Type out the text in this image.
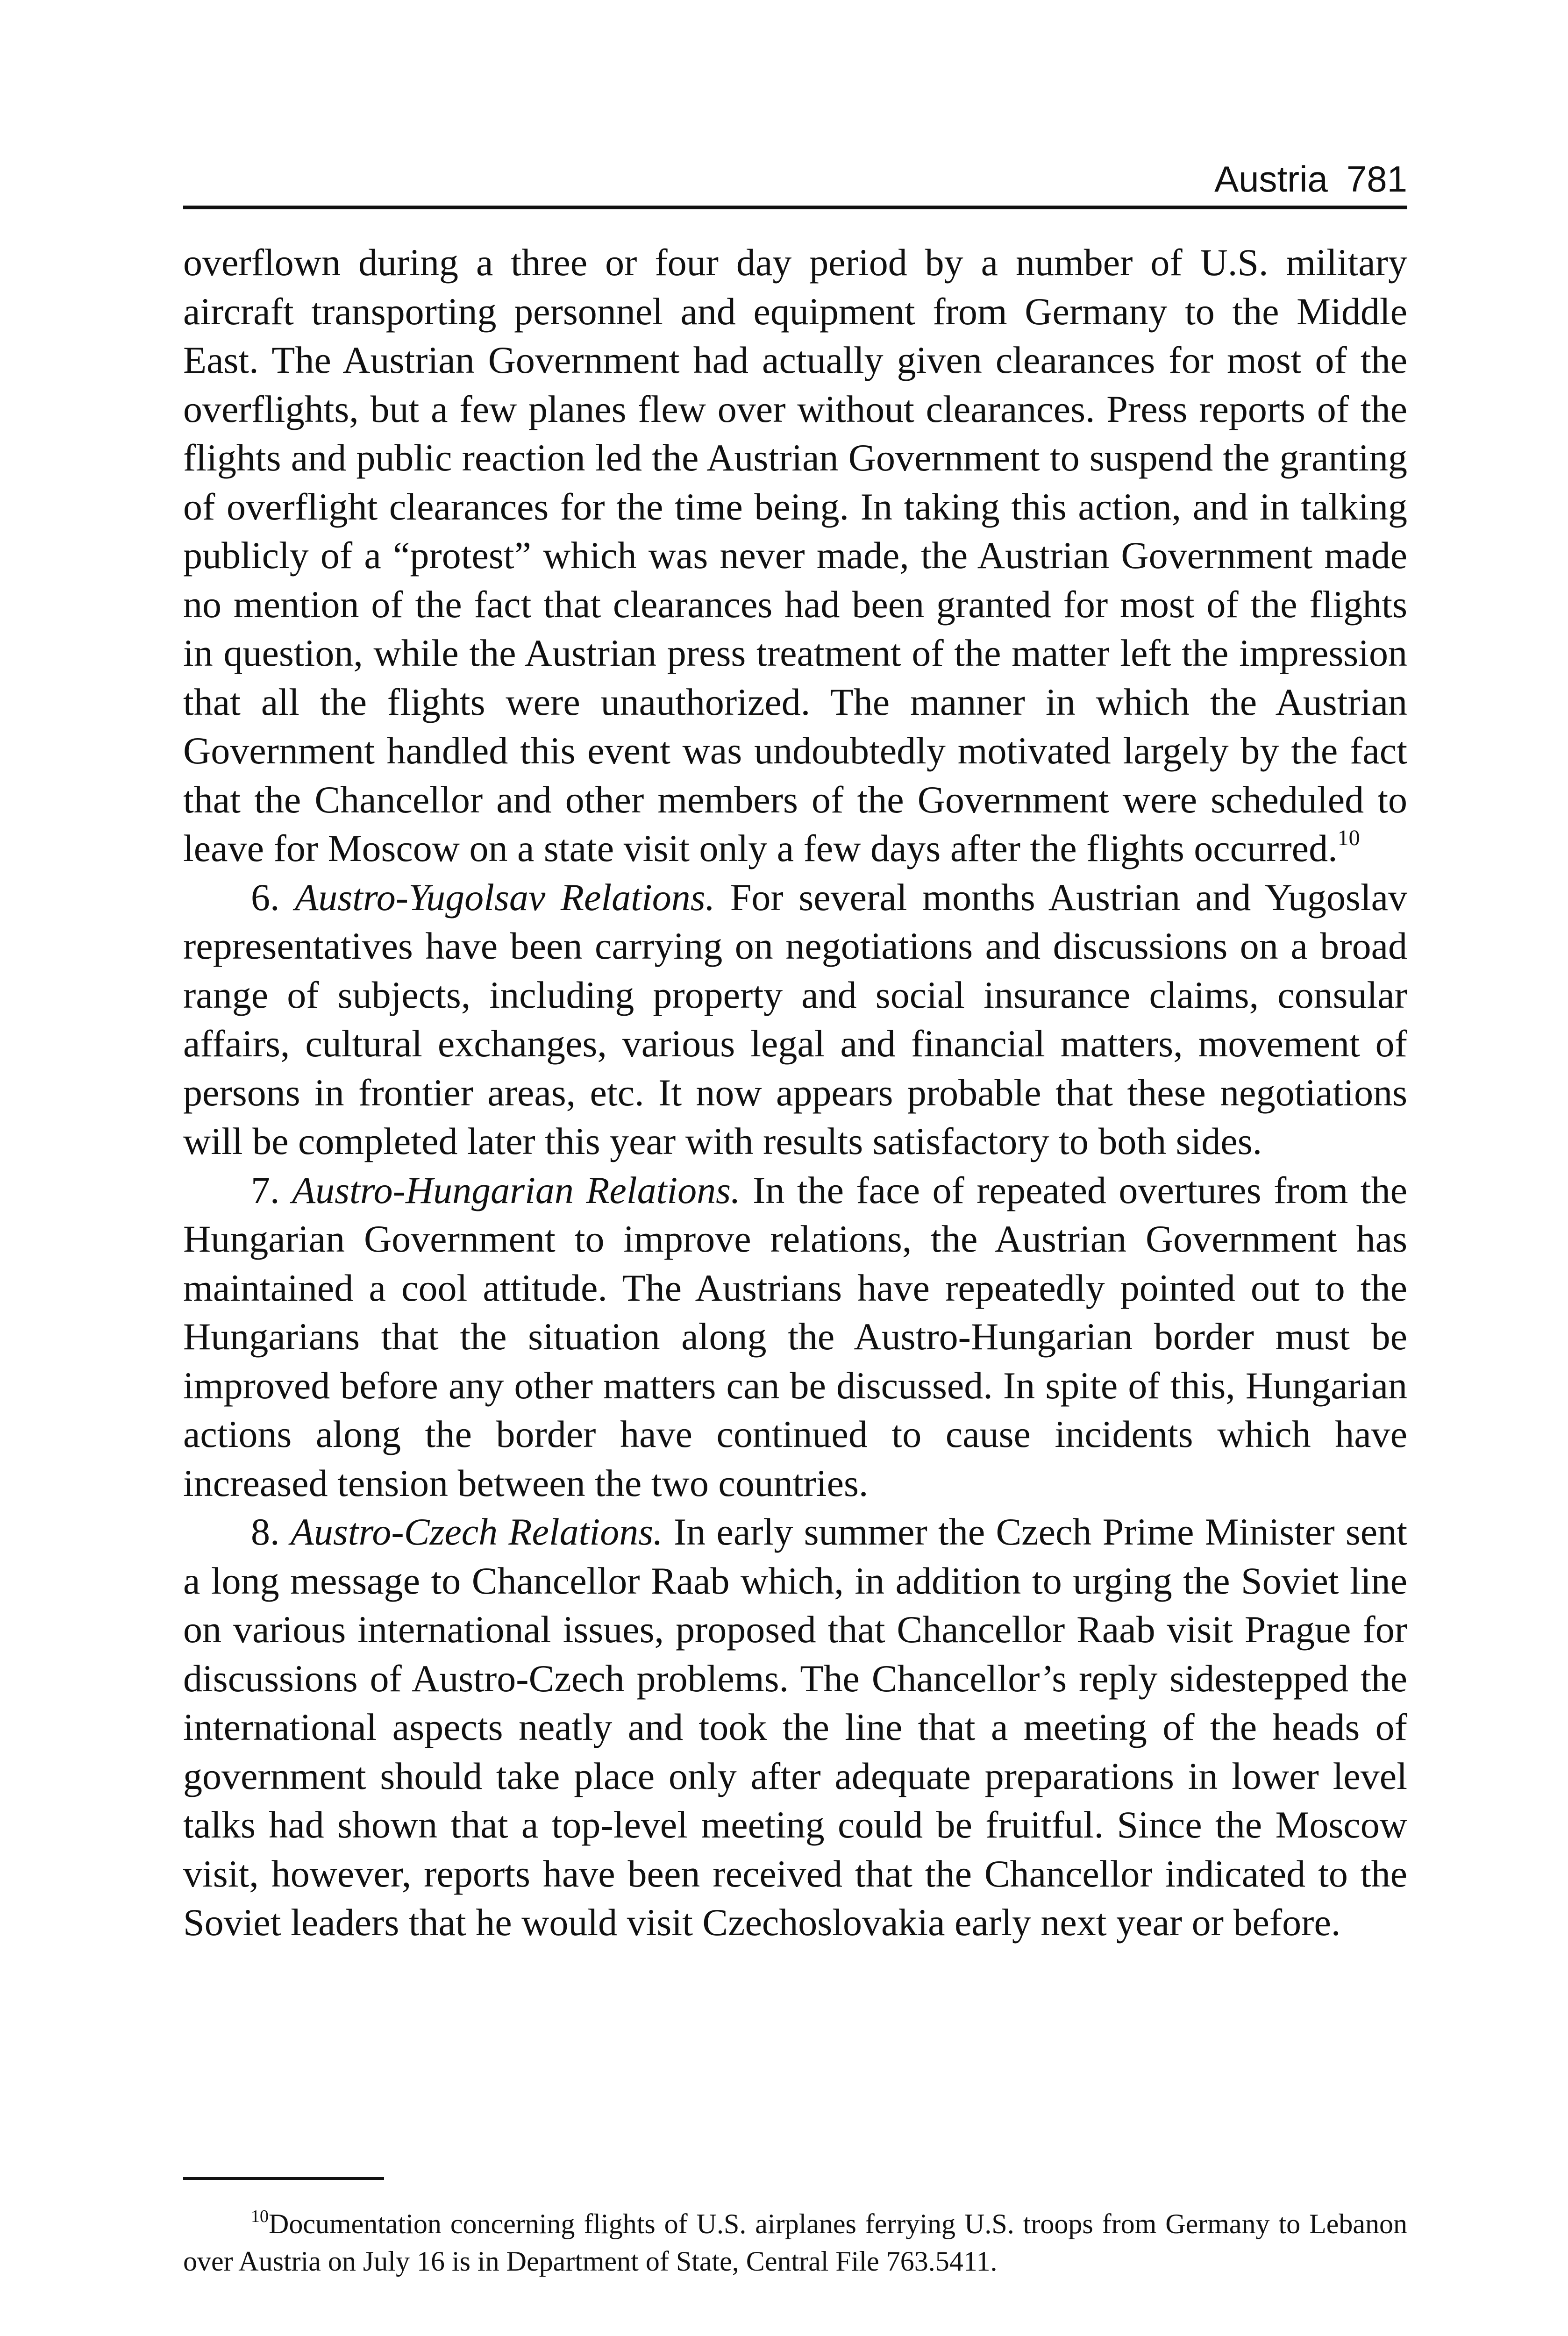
Austria 781

overflown during a three or four day period by a number of U.S. military aircraft transporting personnel and equipment from Germany to the Middle East. The Austrian Government had actually given clearances for most of the overflights, but a few planes flew over without clearances. Press reports of the flights and public reaction led the Austrian Government to suspend the granting of overflight clearances for the time being. In taking this action, and in talking publicly of a “protest” which was never made, the Austrian Government made no mention of the fact that clearances had been granted for most of the flights in question, while the Austrian press treatment of the matter left the impression that all the flights were unauthorized. The manner in which the Austrian Government handled this event was undoubtedly motivated largely by the fact that the Chancellor and other members of the Government were scheduled to leave for Moscow on a state visit only a few days after the flights occurred.$^{10}$

6. Austro-Yugolsav Relations. For several months Austrian and Yugoslav representatives have been carrying on negotiations and discussions on a broad range of subjects, including property and social insurance claims, consular affairs, cultural exchanges, various legal and financial matters, movement of persons in frontier areas, etc. It now appears probable that these negotiations will be completed later this year with results satisfactory to both sides.

7. Austro-Hungarian Relations. In the face of repeated overtures from the Hungarian Government to improve relations, the Austrian Government has maintained a cool attitude. The Austrians have repeatedly pointed out to the Hungarians that the situation along the Austro-Hungarian border must be improved before any other matters can be discussed. In spite of this, Hungarian actions along the border have continued to cause incidents which have increased tension between the two countries.

8. Austro-Czech Relations. In early summer the Czech Prime Minister sent a long message to Chancellor Raab which, in addition to urging the Soviet line on various international issues, proposed that Chancellor Raab visit Prague for discussions of Austro-Czech problems. The Chancellor’s reply sidestepped the international aspects neatly and took the line that a meeting of the heads of government should take place only after adequate preparations in lower level talks had shown that a top-level meeting could be fruitful. Since the Moscow visit, however, reports have been received that the Chancellor indicated to the Soviet leaders that he would visit Czechoslovakia early next year or before.

$^{10}$Documentation concerning flights of U.S. airplanes ferrying U.S. troops from Germany to Lebanon over Austria on July 16 is in Department of State, Central File 763.5411.
